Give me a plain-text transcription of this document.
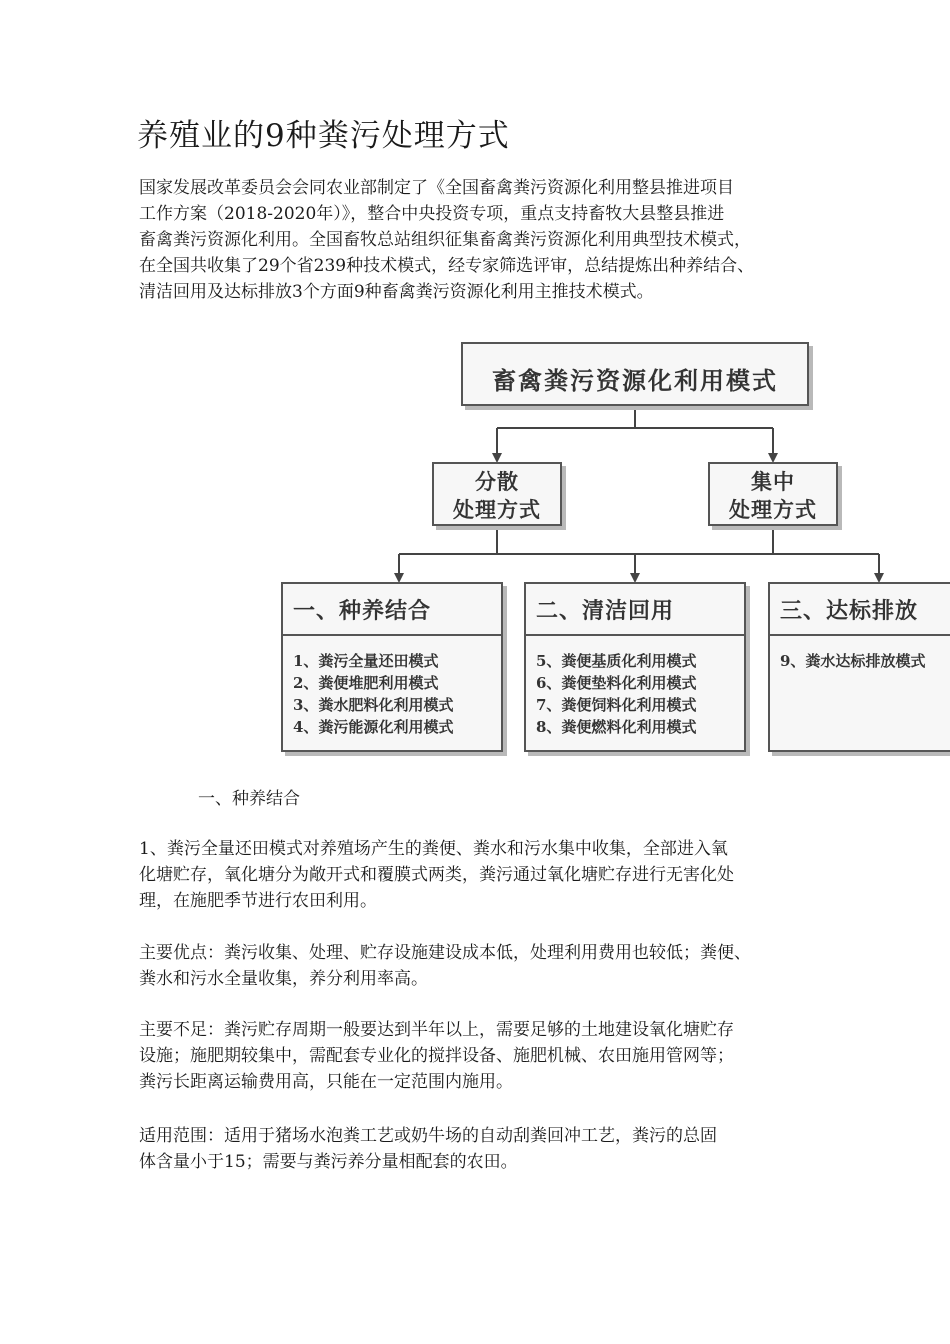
养殖业的9种粪污处理方式
国家发展改革委员会会同农业部制定了《全国畜禽粪污资源化利用整县推进项目
工作方案（2018-2020年）》，整合中央投资专项，重点支持畜牧大县整县推进
畜禽粪污资源化利用。全国畜牧总站组织征集畜禽粪污资源化利用典型技术模式，
在全国共收集了29个省239种技术模式，经专家筛选评审，总结提炼出种养结合、
清洁回用及达标排放3个方面9种畜禽粪污资源化利用主推技术模式。
畜禽粪污资源化利用模式
分散
处理方式
集中
处理方式
一、种养结合
1、粪污全量还田模式
2、粪便堆肥利用模式
3、粪水肥料化利用模式
4、粪污能源化利用模式
二、清洁回用
5、粪便基质化利用模式
6、粪便垫料化利用模式
7、粪便饲料化利用模式
8、粪便燃料化利用模式
三、达标排放
9、粪水达标排放模式
一、种养结合
1、粪污全量还田模式对养殖场产生的粪便、粪水和污水集中收集，全部进入氧
化塘贮存，氧化塘分为敞开式和覆膜式两类，粪污通过氧化塘贮存进行无害化处
理，在施肥季节进行农田利用。
主要优点：粪污收集、处理、贮存设施建设成本低，处理利用费用也较低；粪便、
粪水和污水全量收集，养分利用率高。
主要不足：粪污贮存周期一般要达到半年以上，需要足够的土地建设氧化塘贮存
设施；施肥期较集中，需配套专业化的搅拌设备、施肥机械、农田施用管网等；
粪污长距离运输费用高，只能在一定范围内施用。
适用范围：适用于猪场水泡粪工艺或奶牛场的自动刮粪回冲工艺，粪污的总固
体含量小于15；需要与粪污养分量相配套的农田。
